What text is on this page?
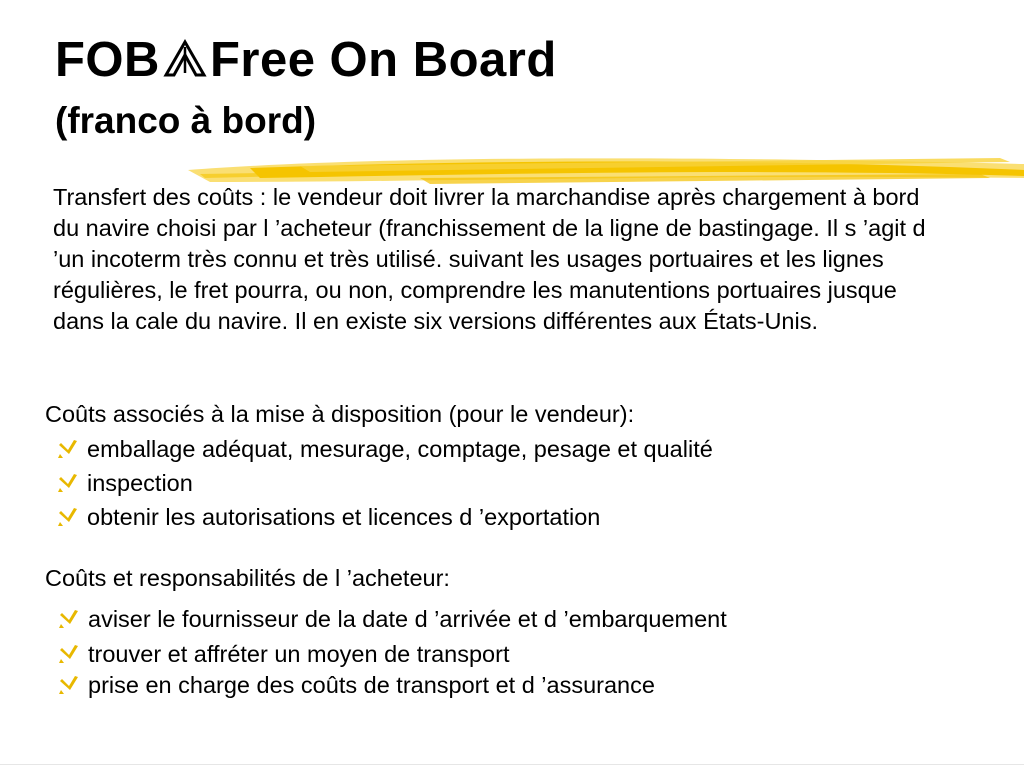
FOB Free On Board
(franco à bord)

Transfert des coûts : le vendeur doit livrer la marchandise après chargement à bord du navire choisi par l ’acheteur (franchissement de la ligne de bastingage. Il s ’agit d ’un incoterm très connu et très utilisé. suivant les usages portuaires et les lignes régulières, le fret pourra, ou non, comprendre les manutentions portuaires jusque dans la cale du navire. Il en existe six versions différentes aux États-Unis.

Coûts associés à la mise à disposition (pour le vendeur):

emballage adéquat, mesurage, comptage, pesage et qualité

inspection

obtenir les autorisations et licences d ’exportation

Coûts et responsabilités de l ’acheteur:

aviser le fournisseur de la date d ’arrivée et d ’embarquement

trouver et affréter un moyen de transport

prise en charge des coûts de transport et d ’assurance
